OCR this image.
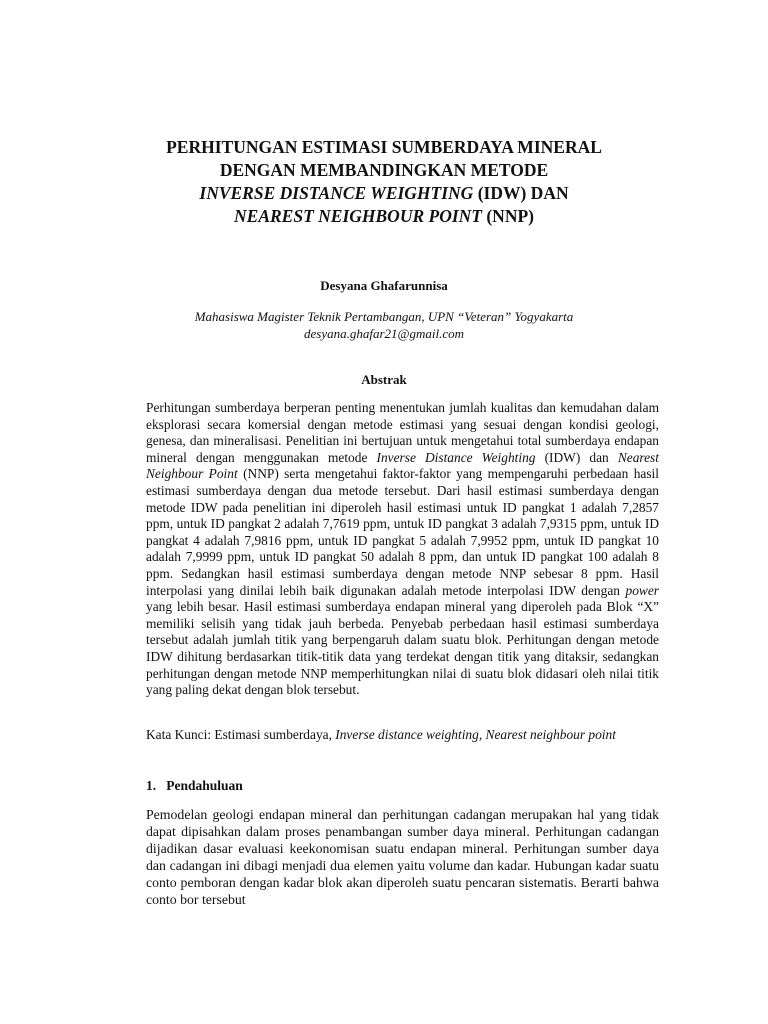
PERHITUNGAN ESTIMASI SUMBERDAYA MINERAL
DENGAN MEMBANDINGKAN METODE
INVERSE DISTANCE WEIGHTING (IDW) DAN
NEAREST NEIGHBOUR POINT (NNP)

Desyana Ghafarunnisa

Mahasiswa Magister Teknik Pertambangan, UPN “Veteran” Yogyakarta
desyana.ghafar21@gmail.com
Abstrak

Perhitungan sumberdaya berperan penting menentukan jumlah kualitas dan kemudahan dalam eksplorasi secara komersial dengan metode estimasi yang sesuai dengan kondisi geologi, genesa, dan mineralisasi. Penelitian ini bertujuan untuk mengetahui total sumberdaya endapan mineral dengan menggunakan metode Inverse Distance Weighting (IDW) dan Nearest Neighbour Point (NNP) serta mengetahui faktor-faktor yang mempengaruhi perbedaan hasil estimasi sumberdaya dengan dua metode tersebut. Dari hasil estimasi sumberdaya dengan metode IDW pada penelitian ini diperoleh hasil estimasi untuk ID pangkat 1 adalah 7,2857 ppm, untuk ID pangkat 2 adalah 7,7619 ppm, untuk ID pangkat 3 adalah 7,9315 ppm, untuk ID pangkat 4 adalah 7,9816 ppm, untuk ID pangkat 5 adalah 7,9952 ppm, untuk ID pangkat 10 adalah 7,9999 ppm, untuk ID pangkat 50 adalah 8 ppm, dan untuk ID pangkat 100 adalah 8 ppm. Sedangkan hasil estimasi sumberdaya dengan metode NNP sebesar 8 ppm. Hasil interpolasi yang dinilai lebih baik digunakan adalah metode interpolasi IDW dengan power yang lebih besar. Hasil estimasi sumberdaya endapan mineral yang diperoleh pada Blok “X” memiliki selisih yang tidak jauh berbeda. Penyebab perbedaan hasil estimasi sumberdaya tersebut adalah jumlah titik yang berpengaruh dalam suatu blok. Perhitungan dengan metode IDW dihitung berdasarkan titik-titik data yang terdekat dengan titik yang ditaksir, sedangkan perhitungan dengan metode NNP memperhitungkan nilai di suatu blok didasari oleh nilai titik yang paling dekat dengan blok tersebut.

Kata Kunci: Estimasi sumberdaya, Inverse distance weighting, Nearest neighbour point

1.  Pendahuluan

Pemodelan geologi endapan mineral dan perhitungan cadangan merupakan hal yang tidak dapat dipisahkan dalam proses penambangan sumber daya mineral. Perhitungan cadangan dijadikan dasar evaluasi keekonomisan suatu endapan mineral. Perhitungan sumber daya dan cadangan ini dibagi menjadi dua elemen yaitu volume dan kadar. Hubungan kadar suatu conto pemboran dengan kadar blok akan diperoleh suatu pencaran sistematis. Berarti bahwa conto bor tersebut
